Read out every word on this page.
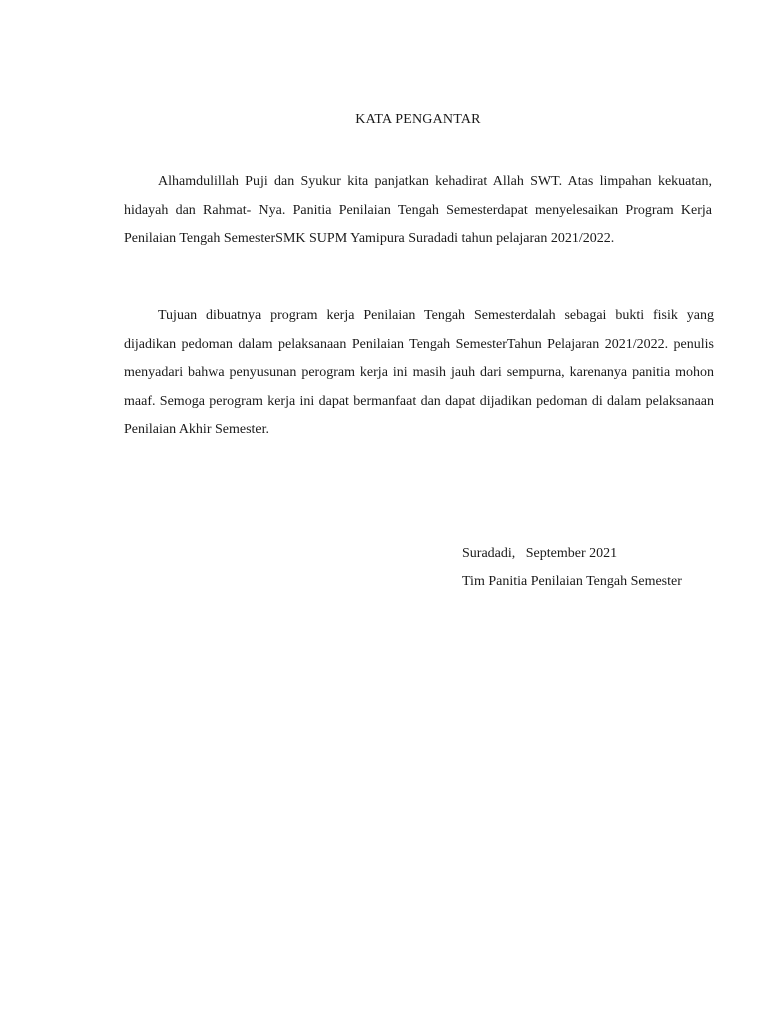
KATA PENGANTAR

Alhamdulillah Puji dan Syukur kita panjatkan kehadirat Allah SWT. Atas limpahan kekuatan, hidayah dan Rahmat- Nya. Panitia Penilaian Tengah Semesterdapat menyelesaikan Program Kerja Penilaian Tengah SemesterSMK SUPM Yamipura Suradadi tahun pelajaran 2021/2022.

Tujuan dibuatnya program kerja Penilaian Tengah Semesterdalah sebagai bukti fisik yang dijadikan pedoman dalam pelaksanaan Penilaian Tengah SemesterTahun Pelajaran 2021/2022. penulis menyadari bahwa penyusunan perogram kerja ini masih jauh dari sempurna, karenanya panitia mohon maaf. Semoga perogram kerja ini dapat bermanfaat dan dapat dijadikan pedoman di dalam pelaksanaan Penilaian Akhir Semester.

Suradadi,   September 2021
Tim Panitia Penilaian Tengah Semester
